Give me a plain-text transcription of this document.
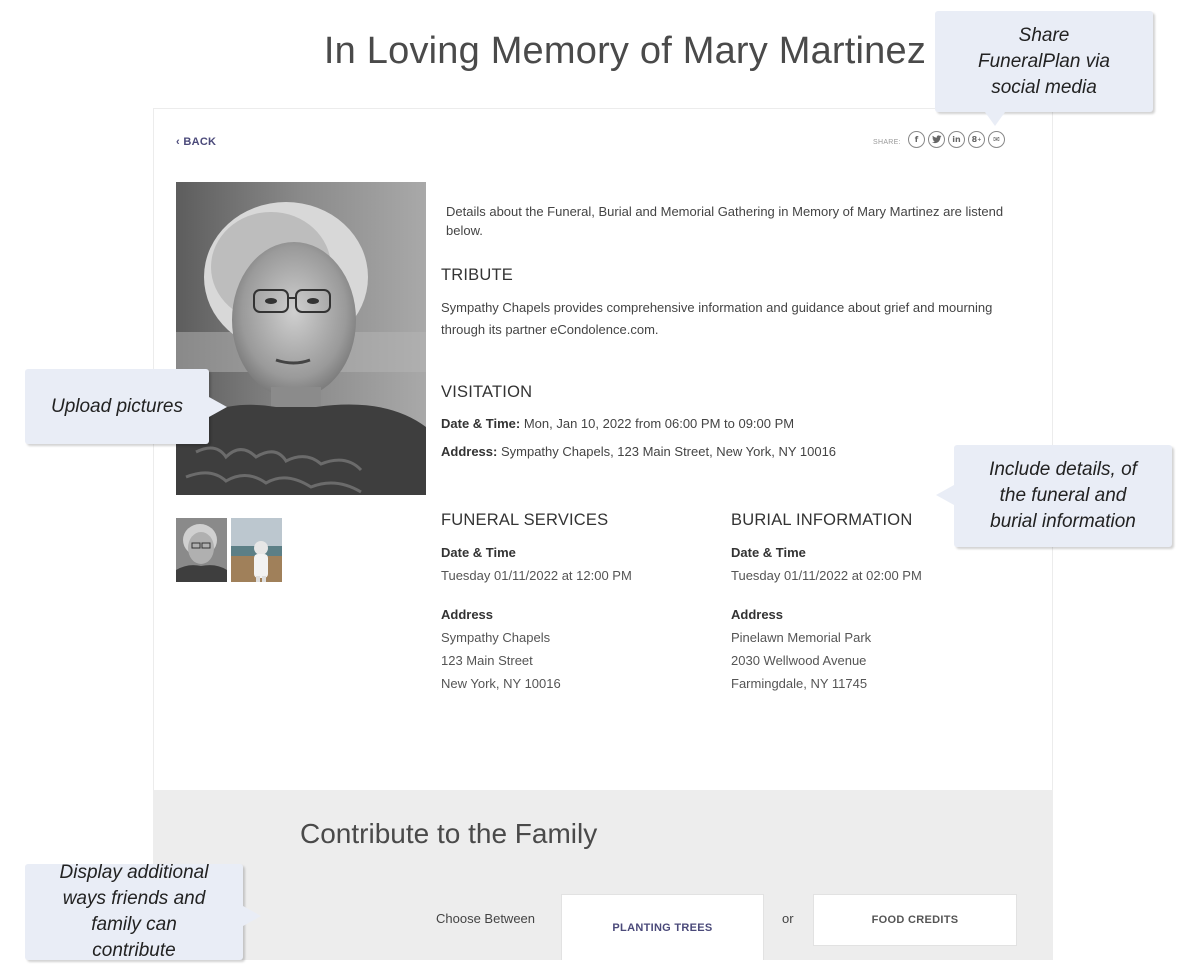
In Loving Memory of Mary Martinez
‹ BACK	SHARE:	f	in	8 +	✉
Details about the Funeral, Burial and Memorial Gathering in Memory of Mary Martinez are listend below.
TRIBUTE
Sympathy Chapels provides comprehensive information and guidance about grief and mourning through its partner eCondolence.com.
VISITATION
Date & Time: Mon, Jan 10, 2022 from 06:00 PM to 09:00 PM
Address: Sympathy Chapels, 123 Main Street, New York, NY 10016
FUNERAL SERVICES
Date & Time
Tuesday 01/11/2022 at 12:00 PM
Address
Sympathy Chapels
123 Main Street
New York, NY 10016
BURIAL INFORMATION
Date & Time
Tuesday 01/11/2022 at 02:00 PM
Address
Pinelawn Memorial Park
2030 Wellwood Avenue
Farmingdale, NY 11745
Contribute to the Family
Choose Between
PLANTING TREES
or	FOOD CREDITS
Share FuneralPlan via social media
Upload pictures
Include details, of the funeral and burial information
Display additional ways friends and family can contribute
